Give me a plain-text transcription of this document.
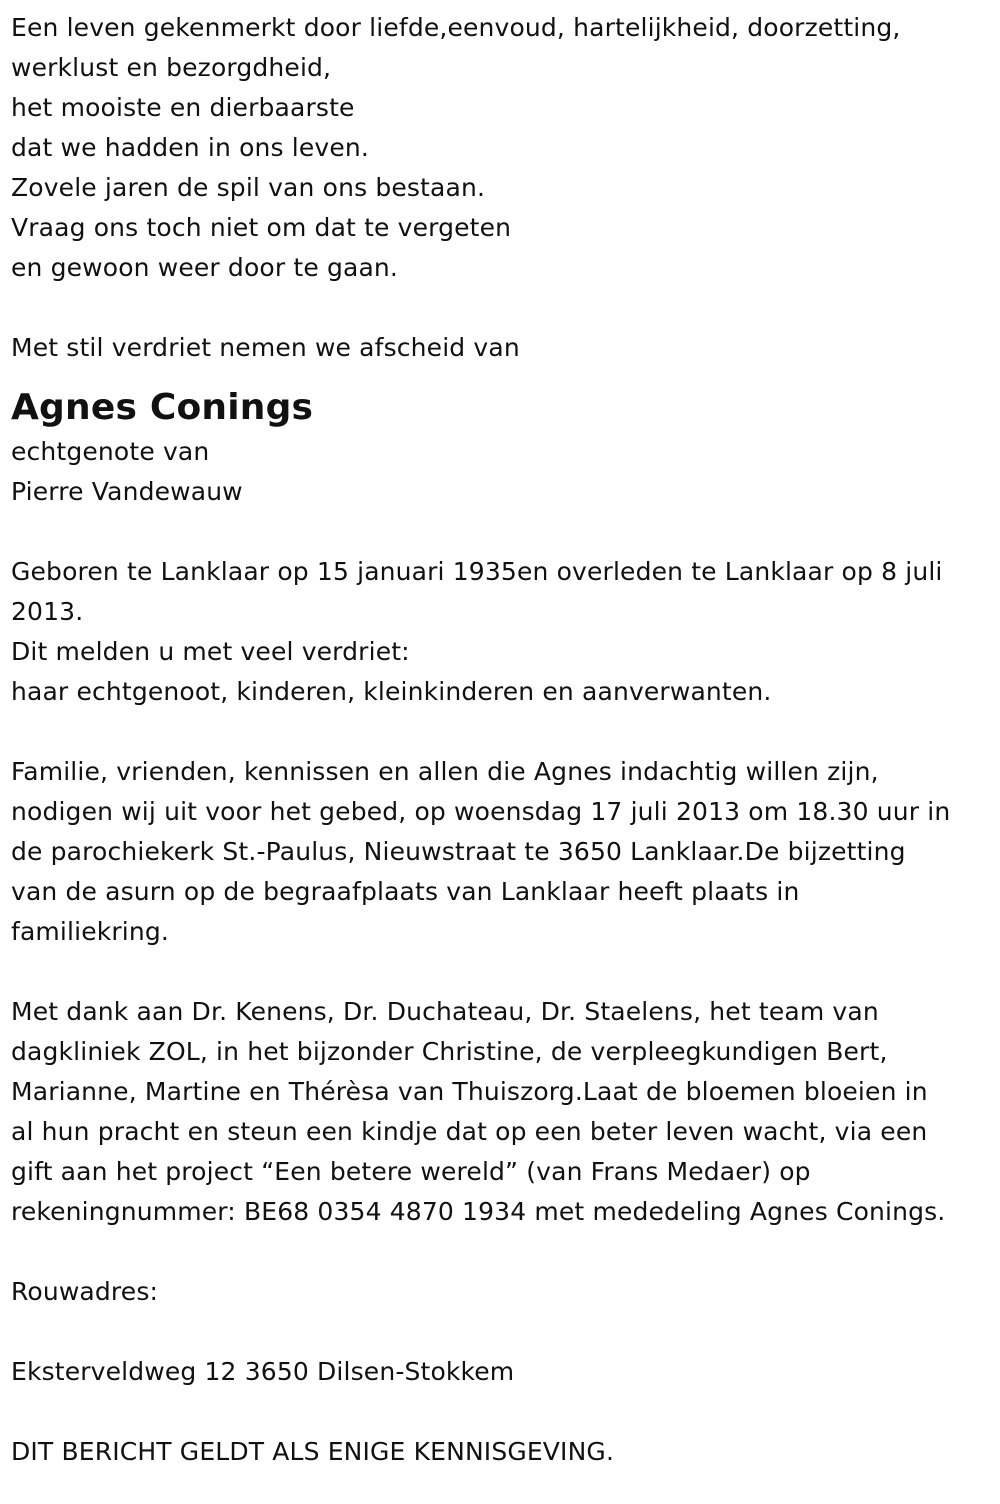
Een leven gekenmerkt door liefde,eenvoud, hartelijkheid, doorzetting,
werklust en bezorgdheid,
het mooiste en dierbaarste
dat we hadden in ons leven.
Zovele jaren de spil van ons bestaan.
Vraag ons toch niet om dat te vergeten
en gewoon weer door te gaan.
Met stil verdriet nemen we afscheid van
Agnes Conings
echtgenote van
Pierre Vandewauw
Geboren te Lanklaar op 15 januari 1935en overleden te Lanklaar op 8 juli
2013.
Dit melden u met veel verdriet:
haar echtgenoot, kinderen, kleinkinderen en aanverwanten.
Familie, vrienden, kennissen en allen die Agnes indachtig willen zijn,
nodigen wij uit voor het gebed, op woensdag 17 juli 2013 om 18.30 uur in
de parochiekerk St.-Paulus, Nieuwstraat te 3650 Lanklaar.De bijzetting
van de asurn op de begraafplaats van Lanklaar heeft plaats in
familiekring.
Met dank aan Dr. Kenens, Dr. Duchateau, Dr. Staelens, het team van
dagkliniek ZOL, in het bijzonder Christine, de verpleegkundigen Bert,
Marianne, Martine en Thérèsa van Thuiszorg.Laat de bloemen bloeien in
al hun pracht en steun een kindje dat op een beter leven wacht, via een
gift aan het project “Een betere wereld” (van Frans Medaer) op
rekeningnummer: BE68 0354 4870 1934 met mededeling Agnes Conings.
Rouwadres:
Eksterveldweg 12 3650 Dilsen-Stokkem
DIT BERICHT GELDT ALS ENIGE KENNISGEVING.
